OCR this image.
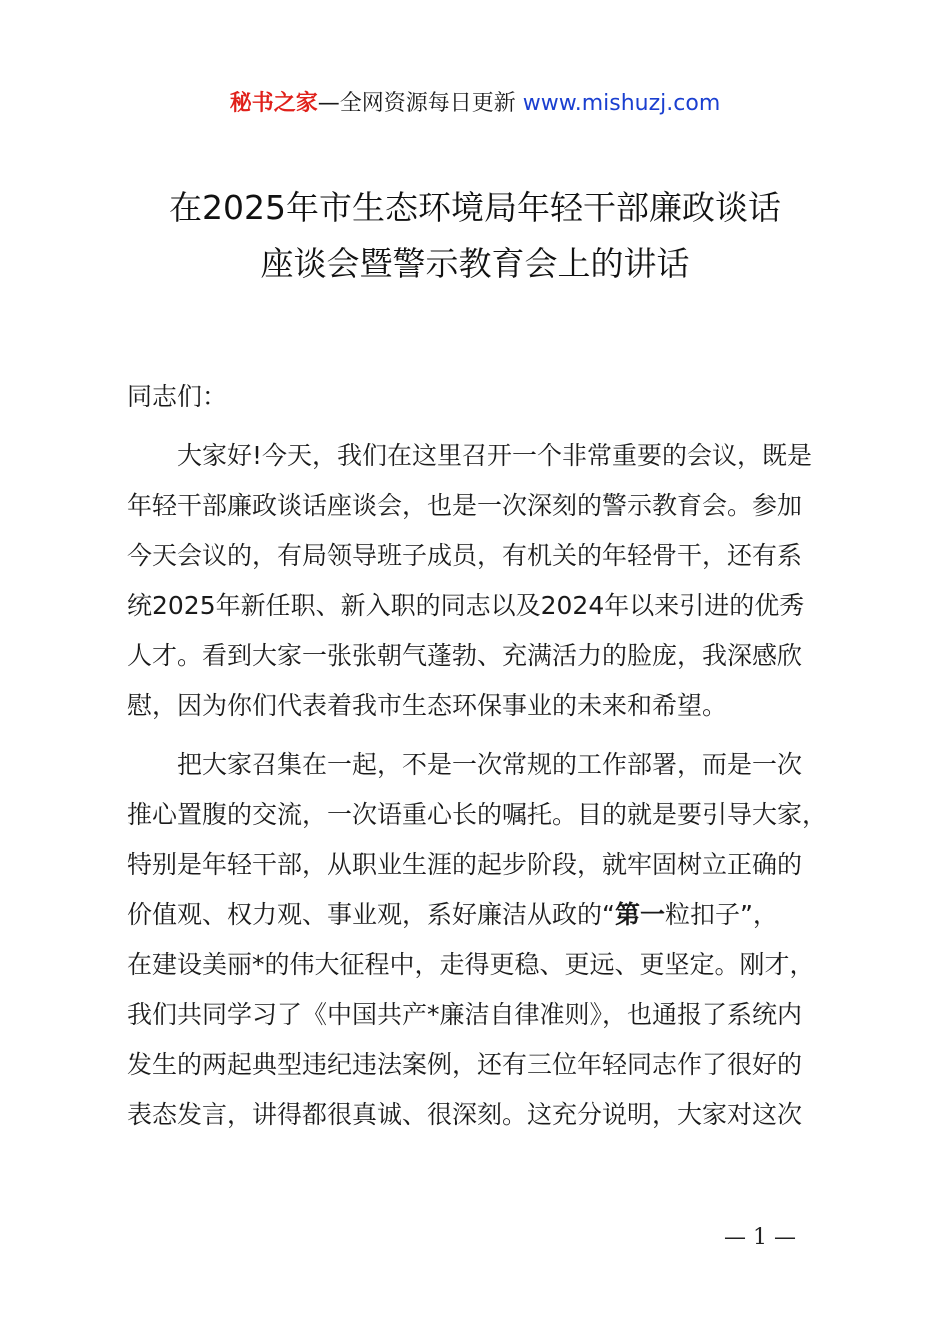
秘书之家—全网资源每日更新 www.mishuzj.com
在2025年市生态环境局年轻干部廉政谈话
座谈会暨警示教育会上的讲话
同志们：
　　大家好!今天，我们在这里召开一个非常重要的会议，既是
年轻干部廉政谈话座谈会，也是一次深刻的警示教育会。参加
今天会议的，有局领导班子成员，有机关的年轻骨干，还有系
统2025年新任职、新入职的同志以及2024年以来引进的优秀
人才。看到大家一张张朝气蓬勃、充满活力的脸庞，我深感欣
慰，因为你们代表着我市生态环保事业的未来和希望。
　　把大家召集在一起，不是一次常规的工作部署，而是一次
推心置腹的交流，一次语重心长的嘱托。目的就是要引导大家，
特别是年轻干部，从职业生涯的起步阶段，就牢固树立正确的
价值观、权力观、事业观，系好廉洁从政的“第一粒扣子”，
在建设美丽*的伟大征程中，走得更稳、更远、更坚定。刚才，
我们共同学习了《中国共产*廉洁自律准则》，也通报了系统内
发生的两起典型违纪违法案例，还有三位年轻同志作了很好的
表态发言，讲得都很真诚、很深刻。这充分说明，大家对这次
— 1 —
